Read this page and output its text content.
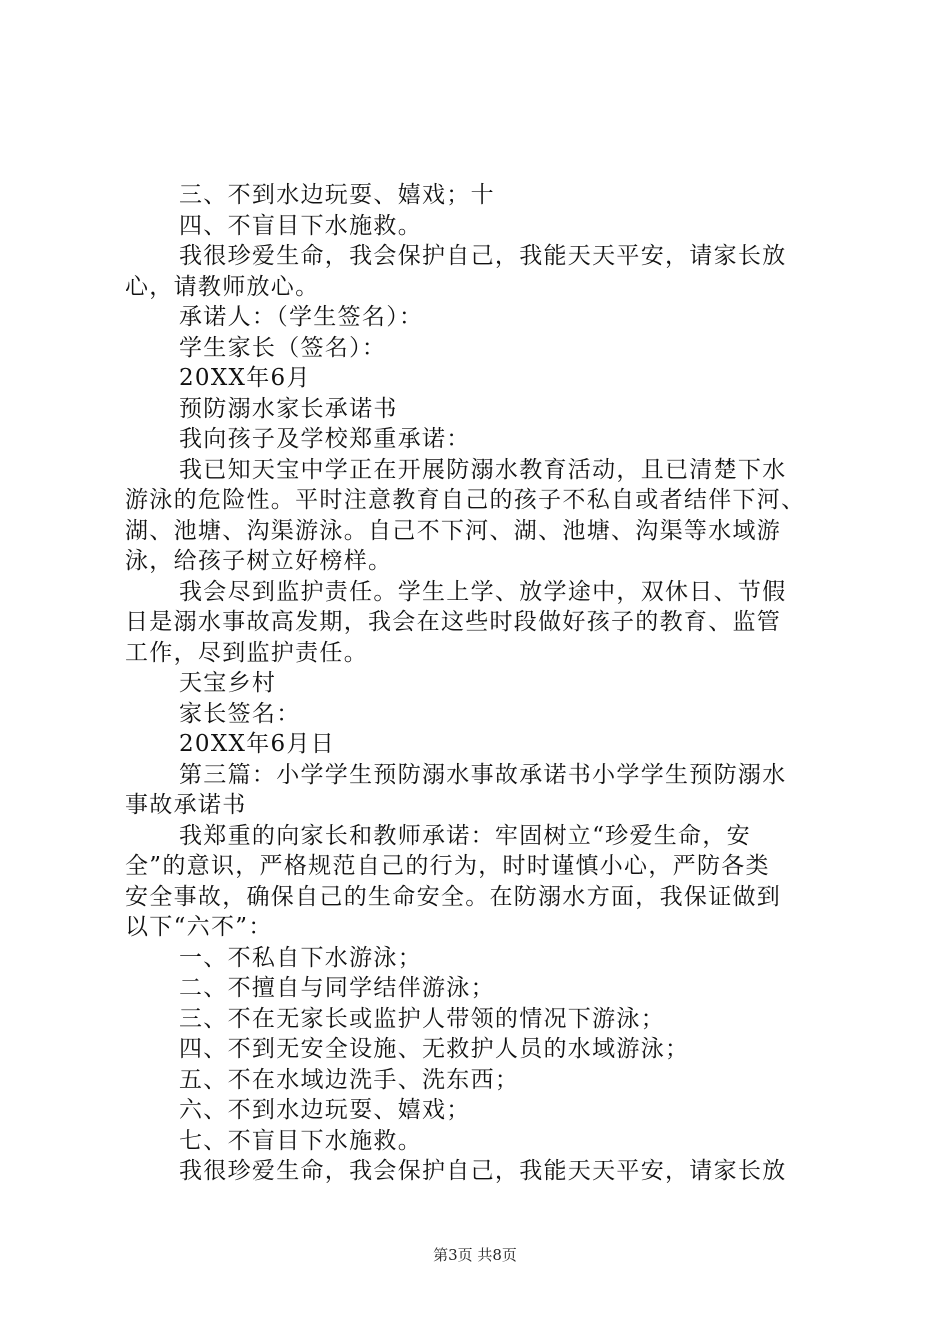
三、不到水边玩耍、嬉戏；十
四、不盲目下水施救。
我很珍爱生命，我会保护自己，我能天天平安，请家长放
心，请教师放心。
承诺人：（学生签名）：
学生家长（签名）：
20XX年6月
预防溺水家长承诺书
我向孩子及学校郑重承诺：
我已知天宝中学正在开展防溺水教育活动，且已清楚下水
游泳的危险性。平时注意教育自己的孩子不私自或者结伴下河、
湖、池塘、沟渠游泳。自己不下河、湖、池塘、沟渠等水域游
泳，给孩子树立好榜样。
我会尽到监护责任。学生上学、放学途中，双休日、节假
日是溺水事故高发期，我会在这些时段做好孩子的教育、监管
工作，尽到监护责任。
天宝乡村
家长签名：
20XX年6月日
第三篇：小学学生预防溺水事故承诺书小学学生预防溺水
事故承诺书
我郑重的向家长和教师承诺：牢固树立“珍爱生命，安
全”的意识，严格规范自己的行为，时时谨慎小心，严防各类
安全事故，确保自己的生命安全。在防溺水方面，我保证做到
以下“六不”：
一、不私自下水游泳；
二、不擅自与同学结伴游泳；
三、不在无家长或监护人带领的情况下游泳；
四、不到无安全设施、无救护人员的水域游泳；
五、不在水域边洗手、洗东西；
六、不到水边玩耍、嬉戏；
七、不盲目下水施救。
我很珍爱生命，我会保护自己，我能天天平安，请家长放
第3页 共8页
